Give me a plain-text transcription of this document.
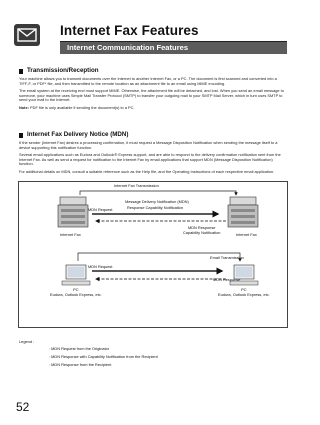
Internet Fax Features
Internet Communication Features
Transmission/Reception

Your machine allows you to transmit documents over the Internet to another Internet Fax, or a PC. The document is first scanned and converted into a TIFF-F, or PDF* file, and then transmitted to the remote location as an attachment file to an email using MIME encoding.

The email system at the receiving end must support MIME. Otherwise, the attachment file will be detached, and lost. When you send an email message to someone, your machine uses Simple Mail Transfer Protocol (SMTP) to transfer your outgoing mail to your SMTP Mail Server, which in turn uses SMTP to send your mail to the Internet.

Note: PDF file is only available if sending the document(s) to a PC.

Internet Fax Delivery Notice (MDN)

If the sender (Internet Fax) desires a processing confirmation, it must request a Message Disposition Notification when sending the message itself to a device supporting this notification function.

Several email applications such as Eudora and Outlook® Express support, and are able to respond to the delivery confirmation notification sent from the Internet Fax. As well as send a request for notification to the Internet Fax by email applications that support MDN (Message Disposition Notification) function.

For additional details on MDN, consult a suitable reference such as the Help file, and the Operating Instructions of each respective email application.

Internet Fax Transmission
MDN Request
Message Delivery Notification (MDN)
Response Capability Notification
MDN Response
Capability Notification
Internet Fax	Internet Fax
Email Transmission
MDN Request
MDN Response
PC
Eudora, Outlook Express, etc.
PC
Eudora, Outlook Express, etc.
Legend :
: MDN Request from the Originator
: MDN Response with Capability Notification from the Recipient
: MDN Response from the Recipient
52
